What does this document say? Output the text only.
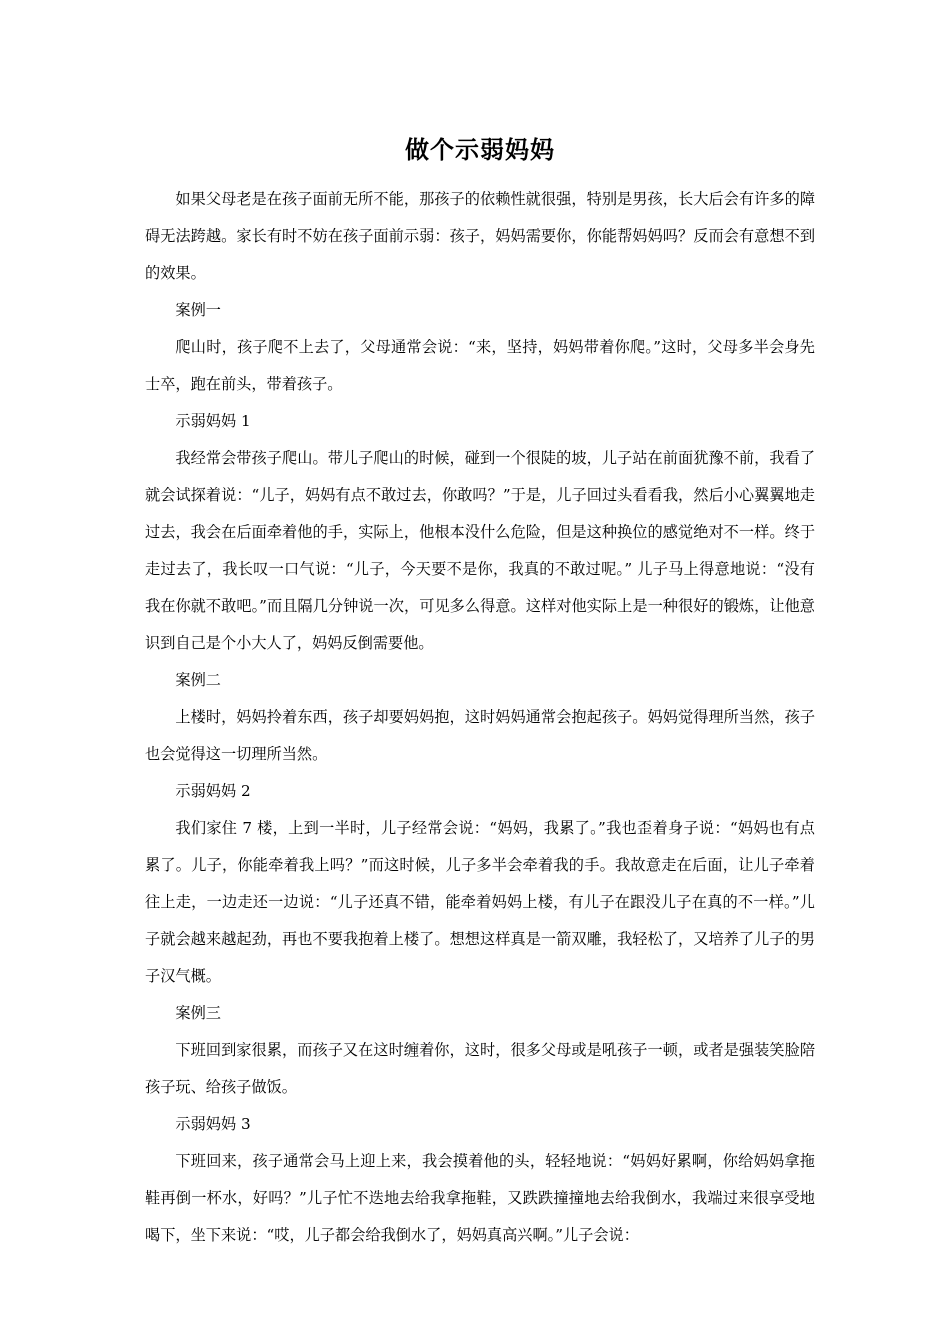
做个示弱妈妈

如果父母老是在孩子面前无所不能，那孩子的依赖性就很强，特别是男孩，长大后会有许多的障碍无法跨越。家长有时不妨在孩子面前示弱：孩子，妈妈需要你，你能帮妈妈吗？反而会有意想不到的效果。

案例一

爬山时，孩子爬不上去了，父母通常会说：“来，坚持，妈妈带着你爬。”这时，父母多半会身先士卒，跑在前头，带着孩子。

示弱妈妈 1

我经常会带孩子爬山。带儿子爬山的时候，碰到一个很陡的坡，儿子站在前面犹豫不前，我看了就会试探着说：“儿子，妈妈有点不敢过去，你敢吗？”于是，儿子回过头看看我，然后小心翼翼地走过去，我会在后面牵着他的手，实际上，他根本没什么危险，但是这种换位的感觉绝对不一样。终于走过去了，我长叹一口气说：“儿子，今天要不是你，我真的不敢过呢。” 儿子马上得意地说：“没有我在你就不敢吧。”而且隔几分钟说一次，可见多么得意。这样对他实际上是一种很好的锻炼，让他意识到自己是个小大人了，妈妈反倒需要他。

案例二

上楼时，妈妈拎着东西，孩子却要妈妈抱，这时妈妈通常会抱起孩子。妈妈觉得理所当然，孩子也会觉得这一切理所当然。

示弱妈妈 2

我们家住 7 楼，上到一半时，儿子经常会说：“妈妈，我累了。”我也歪着身子说：“妈妈也有点累了。儿子，你能牵着我上吗？”而这时候，儿子多半会牵着我的手。我故意走在后面，让儿子牵着往上走，一边走还一边说：“儿子还真不错，能牵着妈妈上楼，有儿子在跟没儿子在真的不一样。”儿子就会越来越起劲，再也不要我抱着上楼了。想想这样真是一箭双雕，我轻松了，又培养了儿子的男子汉气概。

案例三

下班回到家很累，而孩子又在这时缠着你，这时，很多父母或是吼孩子一顿，或者是强装笑脸陪孩子玩、给孩子做饭。

示弱妈妈 3

下班回来，孩子通常会马上迎上来，我会摸着他的头，轻轻地说：“妈妈好累啊，你给妈妈拿拖鞋再倒一杯水，好吗？”儿子忙不迭地去给我拿拖鞋，又跌跌撞撞地去给我倒水，我端过来很享受地喝下，坐下来说：“哎，儿子都会给我倒水了，妈妈真高兴啊。”儿子会说：
